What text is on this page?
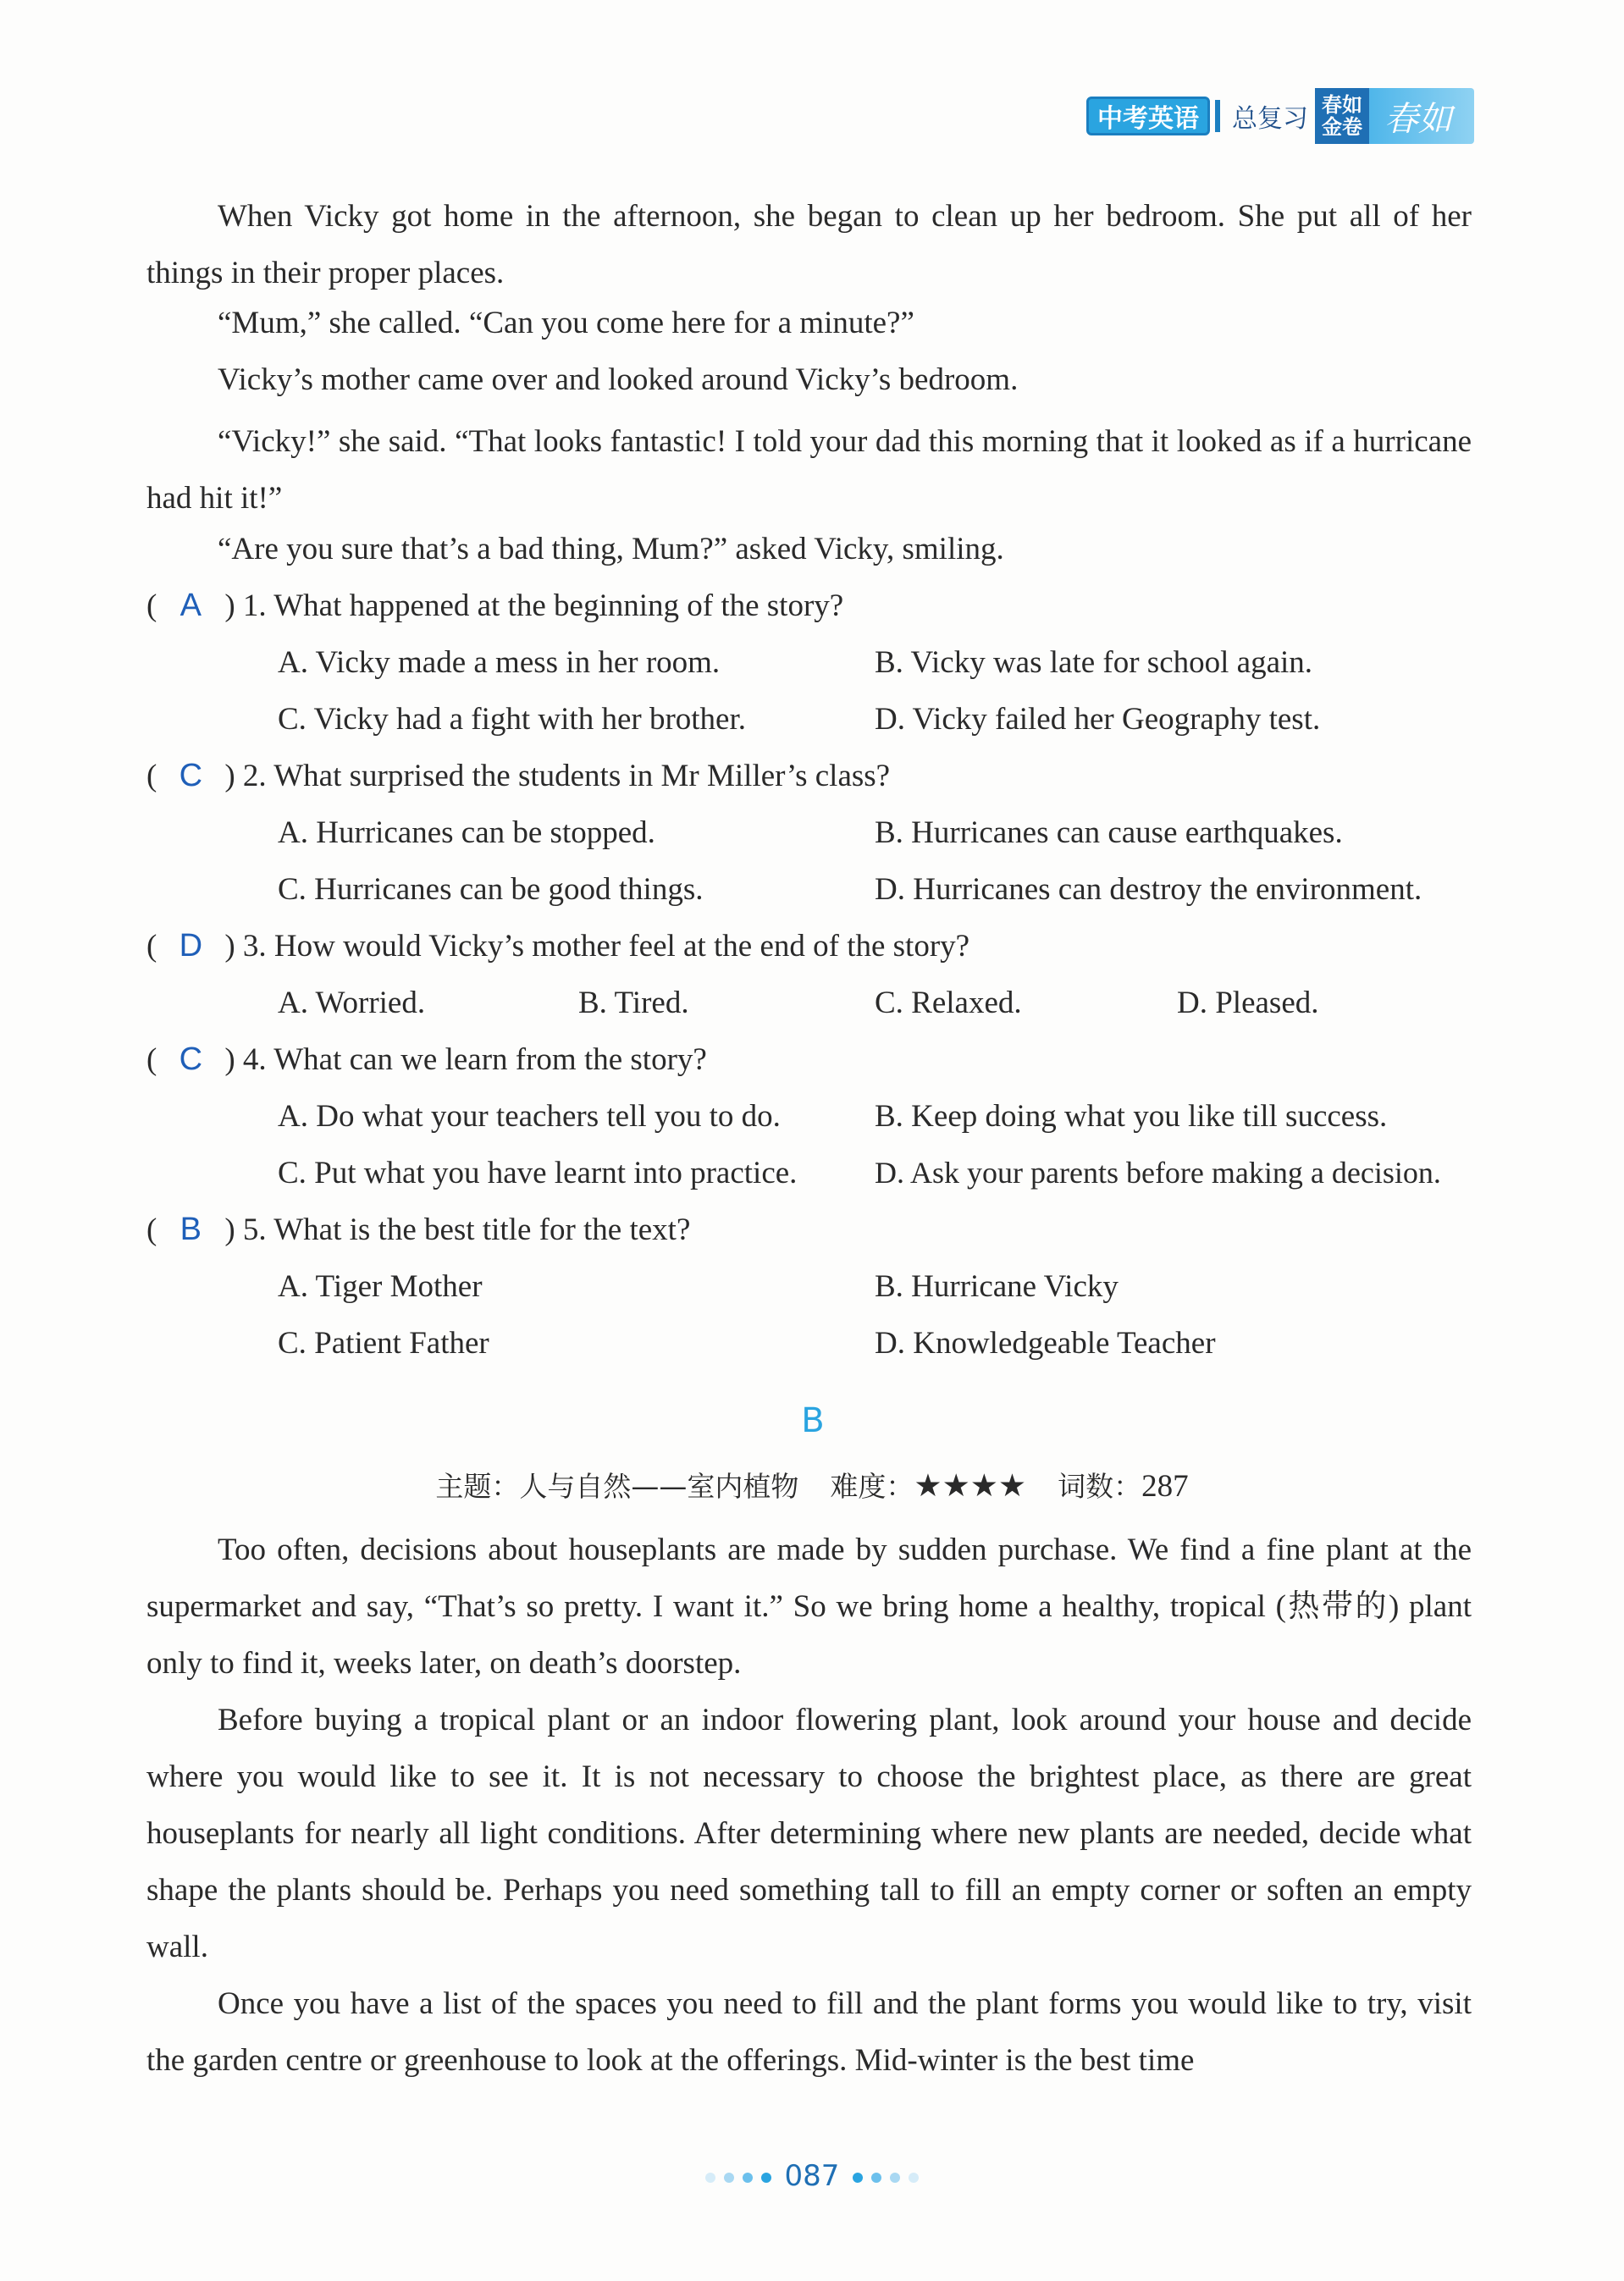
中考英语	总复习 春如
金卷 春如
When Vicky got home in the afternoon, she began to clean up her bedroom. She put all of her things in their proper places.
“Mum,” she called. “Can you come here for a minute?”
Vicky’s mother came over and looked around Vicky’s bedroom.
“Vicky!” she said. “That looks fantastic! I told your dad this morning that it looked as if a hurricane had hit it!”
“Are you sure that’s a bad thing, Mum?” asked Vicky, smiling.
( A ) 1. What happened at the beginning of the story?
A. Vicky made a mess in her room.	B. Vicky was late for school again.
C. Vicky had a fight with her brother.	D. Vicky failed her Geography test.
( C ) 2. What surprised the students in Mr Miller’s class?
A. Hurricanes can be stopped.	B. Hurricanes can cause earthquakes.
C. Hurricanes can be good things.	D. Hurricanes can destroy the environment.
( D ) 3. How would Vicky’s mother feel at the end of the story?
A. Worried.	B. Tired.	C. Relaxed.	D. Pleased.
( C ) 4. What can we learn from the story?
A. Do what your teachers tell you to do.	B. Keep doing what you like till success.
C. Put what you have learnt into practice.	D. Ask your parents before making a decision.
( B ) 5. What is the best title for the text?
A. Tiger Mother	B. Hurricane Vicky
C. Patient Father	D. Knowledgeable Teacher
B
主题：人与自然——室内植物 难度：★★★★ 词数：287
Too often, decisions about houseplants are made by sudden purchase. We find a fine plant at the supermarket and say, “That’s so pretty. I want it.” So we bring home a healthy, tropical (热带的) plant only to find it, weeks later, on death’s doorstep.
Before buying a tropical plant or an indoor flowering plant, look around your house and decide where you would like to see it. It is not necessary to choose the brightest place, as there are great houseplants for nearly all light conditions. After determining where new plants are needed, decide what shape the plants should be. Perhaps you need something tall to fill an empty corner or soften an empty wall.
Once you have a list of the spaces you need to fill and the plant forms you would like to try, visit the garden centre or greenhouse to look at the offerings. Mid-winter is the best time
087
